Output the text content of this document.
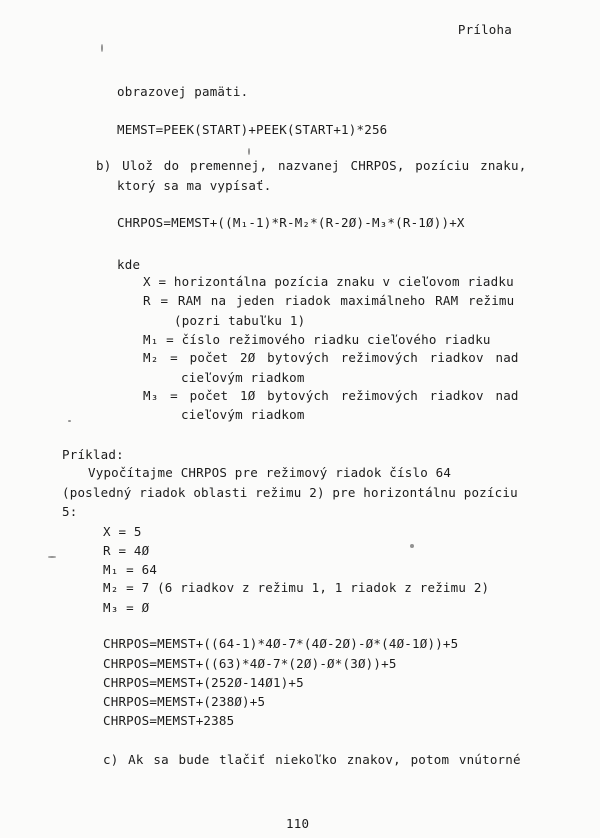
Príloha
obrazovej pamäti.
MEMST=PEEK(START)+PEEK(START+1)*256
b) Ulož do premennej, nazvanej CHRPOS, pozíciu znaku,
ktorý sa ma vypísať.
CHRPOS=MEMST+((M₁-1)*R-M₂*(R-2Ø)-M₃*(R-1Ø))+X
kde
X = horizontálna pozícia znaku v cieľovom riadku
R = RAM na jeden riadok maximálneho RAM režimu
(pozri tabuľku 1)
M₁ = číslo režimového riadku cieľového riadku
M₂ = počet 2Ø bytových režimových riadkov nad
cieľovým riadkom
M₃ = počet 1Ø bytových režimových riadkov nad
cieľovým riadkom
Príklad:
Vypočítajme CHRPOS pre režimový riadok číslo 64
(posledný riadok oblasti režimu 2) pre horizontálnu pozíciu
5:
X = 5
R = 4Ø
M₁ = 64
M₂ = 7 (6 riadkov z režimu 1, 1 riadok z režimu 2)
M₃ = Ø
CHRPOS=MEMST+((64-1)*4Ø-7*(4Ø-2Ø)-Ø*(4Ø-1Ø))+5
CHRPOS=MEMST+((63)*4Ø-7*(2Ø)-Ø*(3Ø))+5
CHRPOS=MEMST+(252Ø-14Ø1)+5
CHRPOS=MEMST+(238Ø)+5
CHRPOS=MEMST+2385
c) Ak sa bude tlačiť niekoľko znakov, potom vnútorné
110
